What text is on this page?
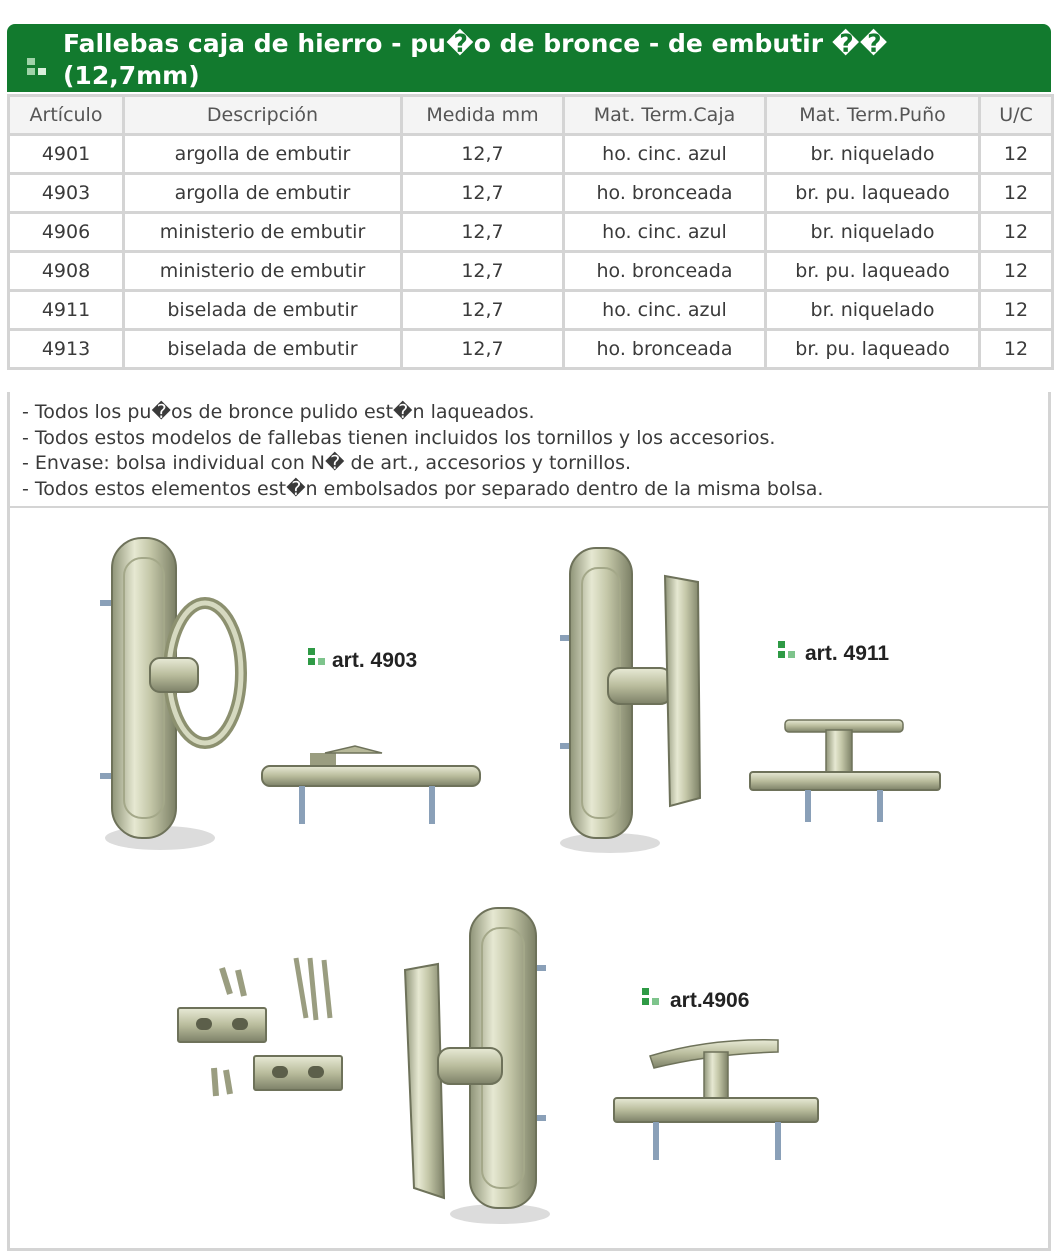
Fallebas caja de hierro - pu�o de bronce - de embutir �� (12,7mm)
Artículo	Descripción	Medida mm	Mat. Term.Caja	Mat. Term.Puño	U/C
4901	argolla de embutir	12,7	ho. cinc. azul	br. niquelado	12
4903	argolla de embutir	12,7	ho. bronceada	br. pu. laqueado	12
4906	ministerio de embutir	12,7	ho. cinc. azul	br. niquelado	12
4908	ministerio de embutir	12,7	ho. bronceada	br. pu. laqueado	12
4911	biselada de embutir	12,7	ho. cinc. azul	br. niquelado	12
4913	biselada de embutir	12,7	ho. bronceada	br. pu. laqueado	12
- Todos los pu�os de bronce pulido est�n laqueados.
- Todos estos modelos de fallebas tienen incluidos los tornillos y los accesorios.
- Envase: bolsa individual con N� de art., accesorios y tornillos.
- Todos estos elementos est�n embolsados por separado dentro de la misma bolsa.
art. 4903	art. 4911
art.4906
